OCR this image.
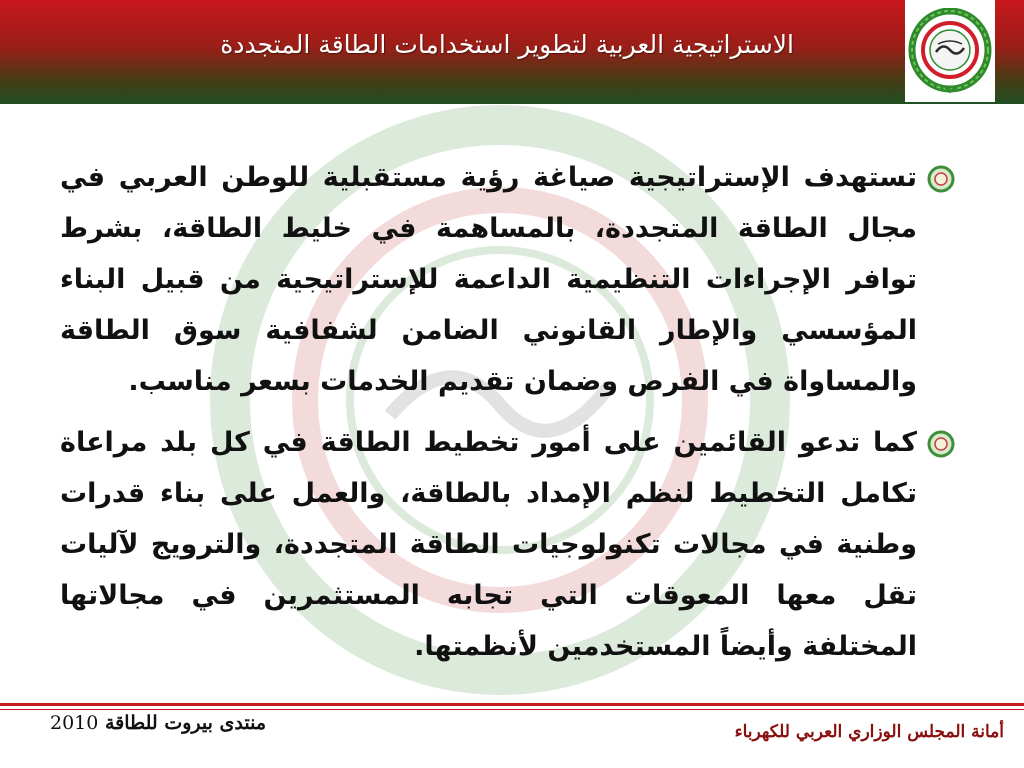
الاستراتيجية العربية لتطوير استخدامات الطاقة المتجددة
تستهدف الإستراتيجية صياغة رؤية مستقبلية للوطن العربي في مجال الطاقة المتجددة، بالمساهمة في خليط الطاقة، بشرط توافر الإجراءات التنظيمية الداعمة للإستراتيجية من قبيل البناء المؤسسي والإطار القانوني الضامن لشفافية سوق الطاقة والمساواة في الفرص وضمان تقديم الخدمات بسعر مناسب.
كما تدعو القائمين على أمور تخطيط الطاقة في كل بلد مراعاة تكامل التخطيط لنظم الإمداد بالطاقة، والعمل على بناء قدرات وطنية في مجالات تكنولوجيات الطاقة المتجددة، والترويج لآليات تقل معها المعوقات التي تجابه المستثمرين في مجالاتها المختلفة وأيضاً المستخدمين لأنظمتها.
منتدى بيروت للطاقة 2010	أمانة المجلس الوزاري العربي للكهرباء
